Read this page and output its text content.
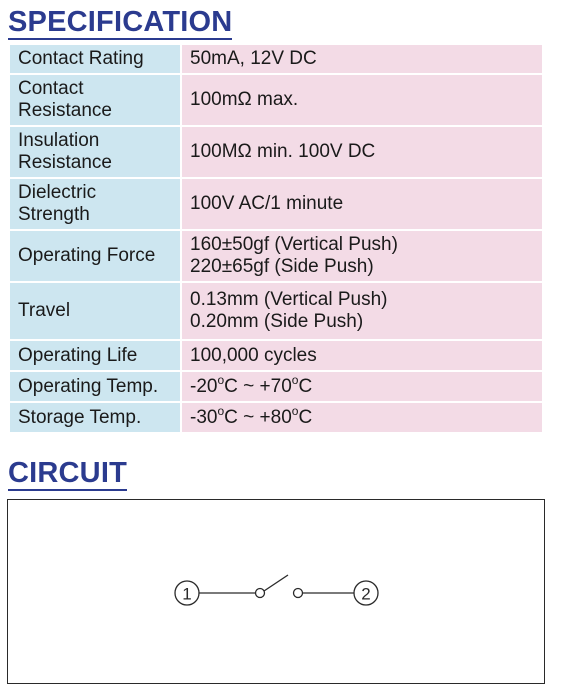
SPECIFICATION
Contact Rating	50mA, 12V DC
Contact
Resistance	100mΩ max.
Insulation
Resistance	100MΩ min. 100V DC
Dielectric
Strength	100V AC/1 minute
Operating Force	160±50gf (Vertical Push)
220±65gf (Side Push)
Travel	0.13mm (Vertical Push)
0.20mm (Side Push)
Operating Life	100,000 cycles
Operating Temp.	-20$^o$C ~ $+70^oC$
Storage Temp.	-30$^o$C ~ $+80^oC$
CIRCUIT
1	2
